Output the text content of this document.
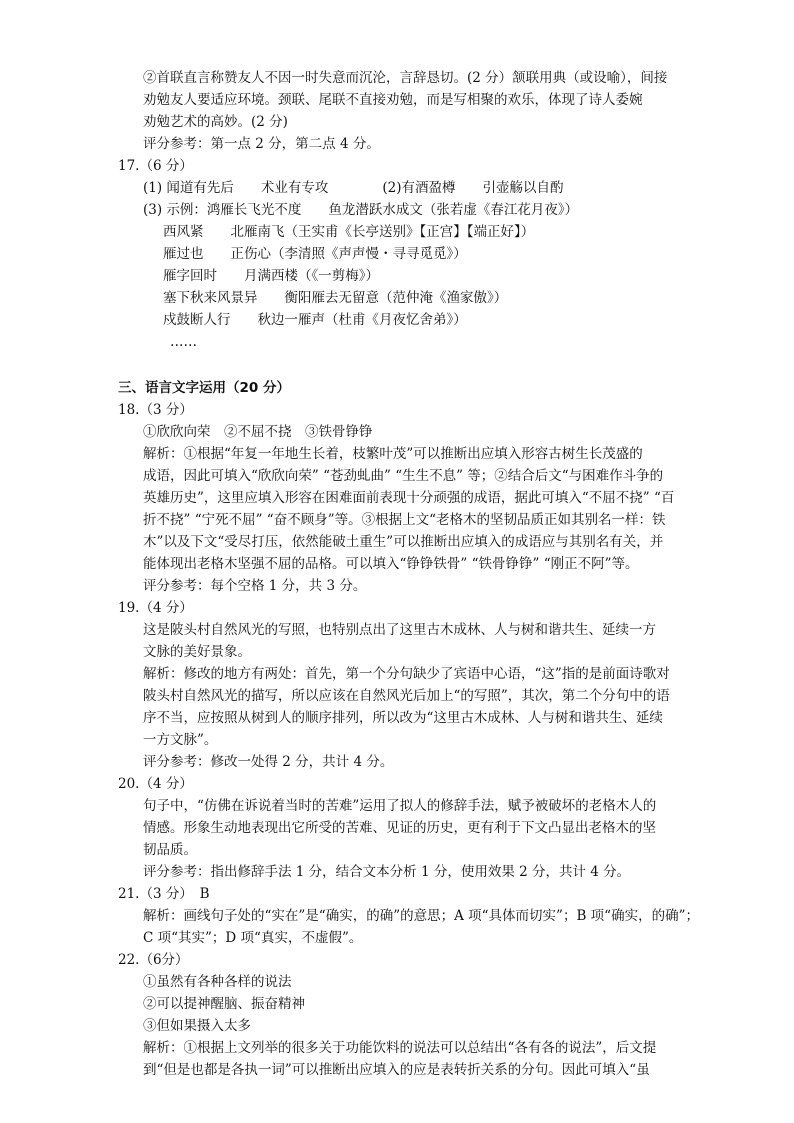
②首联直言称赞友人不因一时失意而沉沦，言辞恳切。(2 分）颔联用典（或设喻），间接
劝勉友人要适应环境。颈联、尾联不直接劝勉，而是写相聚的欢乐，体现了诗人委婉
劝勉艺术的高妙。(2 分)
评分参考：第一点 2 分，第二点 4 分。
17.（6 分）
(1) 闻道有先后　　术业有专攻　　　　(2)有酒盈樽　　引壶觞以自酌
(3) 示例：鸿雁长飞光不度　　鱼龙潜跃水成文（张若虚《春江花月夜》）
西风紧　　北雁南飞（王实甫《长亭送别》【正宫】【端正好】）
雁过也　　正伤心（李清照《声声慢・寻寻觅觅》）
雁字回时　　月满西楼（《一剪梅》）
塞下秋来风景异　　衡阳雁去无留意（范仲淹《渔家傲》）
戍鼓断人行　　秋边一雁声（杜甫《月夜忆舍弟》）
……
三、语言文字运用（20 分）
18.（3 分）
①欣欣向荣　②不屈不挠　③铁骨铮铮
解析：①根据“年复一年地生长着，枝繁叶茂”可以推断出应填入形容古树生长茂盛的
成语，因此可填入“欣欣向荣” “苍劲虬曲” “生生不息” 等；②结合后文“与困难作斗争的
英雄历史”，这里应填入形容在困难面前表现十分顽强的成语，据此可填入“不屈不挠” “百
折不挠” “宁死不屈” “奋不顾身”等。③根据上文“老格木的坚韧品质正如其别名一样：铁
木”以及下文“受尽打压，依然能破土重生”可以推断出应填入的成语应与其别名有关，并
能体现出老格木坚强不屈的品格。可以填入“铮铮铁骨” “铁骨铮铮” “刚正不阿”等。
评分参考：每个空格 1 分，共 3 分。
19.（4 分）
这是陂头村自然风光的写照，也特别点出了这里古木成林、人与树和谐共生、延续一方
文脉的美好景象。
解析：修改的地方有两处：首先，第一个分句缺少了宾语中心语，“这”指的是前面诗歌对
陂头村自然风光的描写，所以应该在自然风光后加上“的写照”，其次，第二个分句中的语
序不当，应按照从树到人的顺序排列，所以改为“这里古木成林、人与树和谐共生、延续
一方文脉”。
评分参考：修改一处得 2 分，共计 4 分。
20.（4 分）
句子中，“仿佛在诉说着当时的苦难”运用了拟人的修辞手法，赋予被破坏的老格木人的
情感。形象生动地表现出它所受的苦难、见证的历史，更有利于下文凸显出老格木的坚
韧品质。
评分参考：指出修辞手法 1 分，结合文本分析 1 分，使用效果 2 分，共计 4 分。
21.（3 分）　B
解析：画线句子处的“实在”是“确实，的确”的意思；A 项“具体而切实”；B 项“确实，的确”；
C 项“其实”；D 项“真实，不虚假”。
22.（6分）
①虽然有各种各样的说法
②可以提神醒脑、振奋精神
③但如果摄入太多
解析：①根据上文列举的很多关于功能饮料的说法可以总结出“各有各的说法”，后文提
到“但是也都是各执一词”可以推断出应填入的应是表转折关系的分句。因此可填入“虽
